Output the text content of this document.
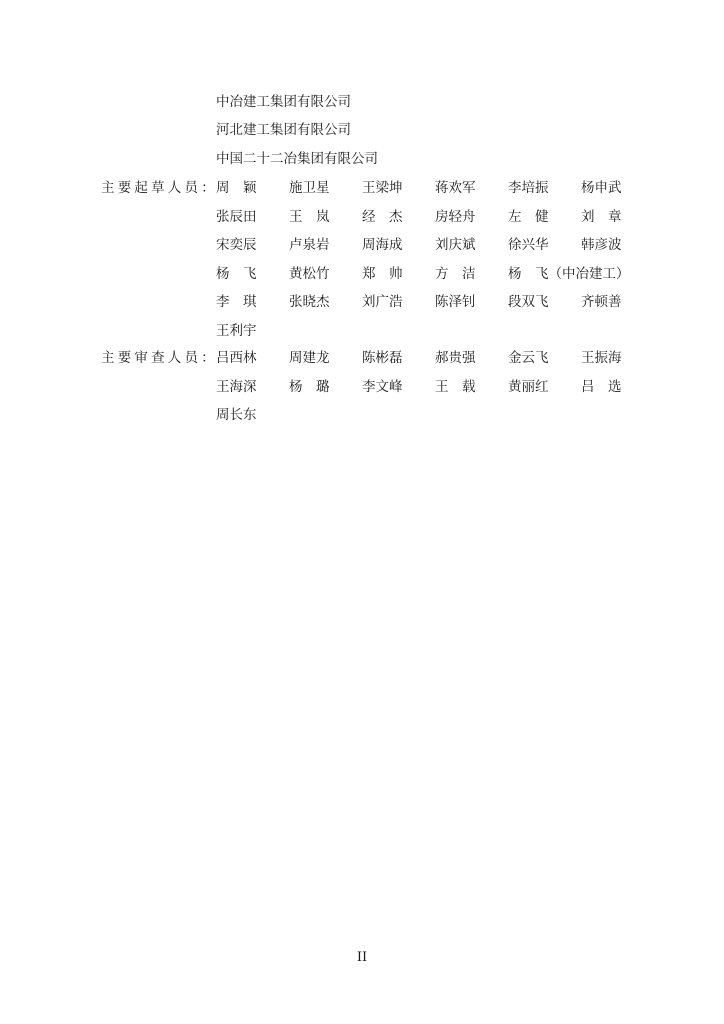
中冶建工集团有限公司
河北建工集团有限公司
中国二十二冶集团有限公司
主要起草人员：
周　颖 施卫星 王梁坤 蒋欢军 李培振 杨申武
张辰田 王　岚 经　杰 房轻舟 左　健 刘　章
宋奕辰 卢泉岩 周海成 刘庆斌 徐兴华 韩彦波
杨　飞 黄松竹 郑　帅 方　洁 杨　飞（中冶建工）
李　琪 张晓杰 刘广浩 陈泽钊 段双飞 齐顿善
王利宇
主要审查人员：
吕西林 周建龙 陈彬磊 郝贵强 金云飞 王振海
王海深 杨　璐 李文峰 王　载 黄丽红 吕　选
周长东
II
